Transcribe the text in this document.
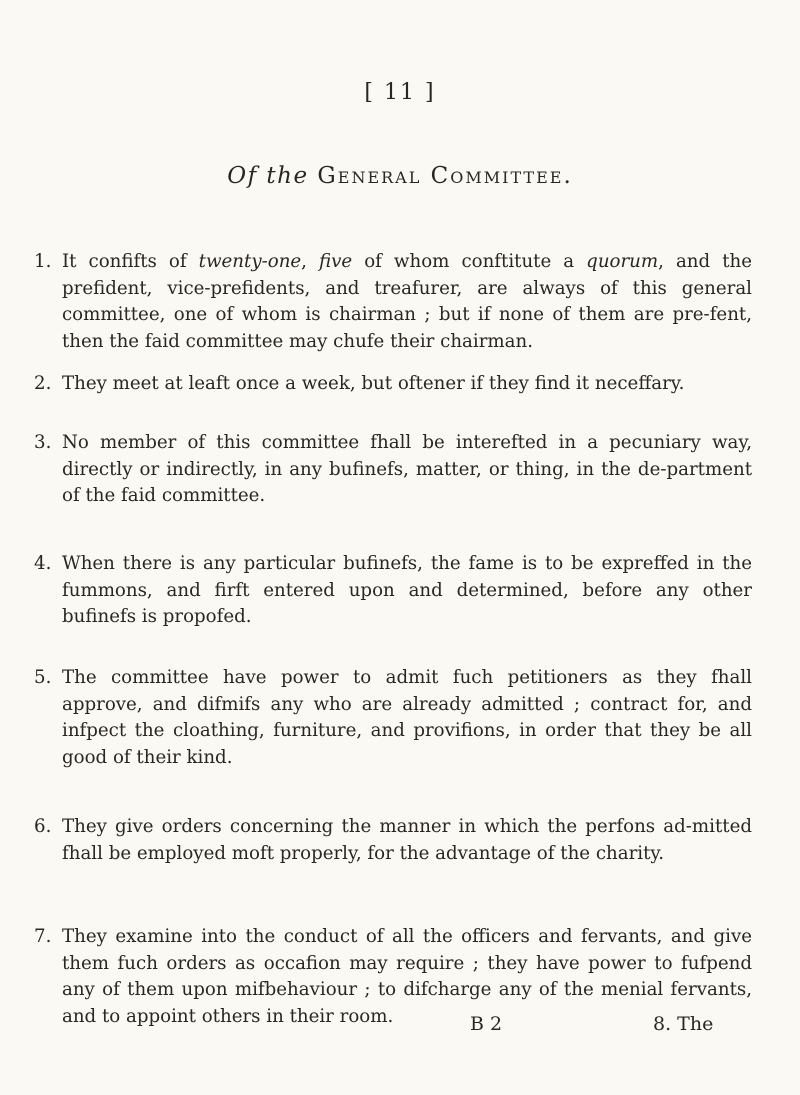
[ 11 ]
Of the General Committee.
1. It confifts of twenty-one, five of whom conftitute a quorum, and the prefident, vice-prefidents, and treafurer, are always of this general committee, one of whom is chairman ; but if none of them are pre-fent, then the faid committee may chufe their chairman.
2. They meet at leaft once a week, but oftener if they find it neceffary.
3. No member of this committee fhall be interefted in a pecuniary way, directly or indirectly, in any bufinefs, matter, or thing, in the de-partment of the faid committee.
4. When there is any particular bufinefs, the fame is to be expreffed in the fummons, and firft entered upon and determined, before any other bufinefs is propofed.
5. The committee have power to admit fuch petitioners as they fhall approve, and difmifs any who are already admitted ; contract for, and infpect the cloathing, furniture, and provifions, in order that they be all good of their kind.
6. They give orders concerning the manner in which the perfons ad-mitted fhall be employed moft properly, for the advantage of the charity.
7. They examine into the conduct of all the officers and fervants, and give them fuch orders as occafion may require ; they have power to fufpend any of them upon mifbehaviour ; to difcharge any of the menial fervants, and to appoint others in their room.	B 2	8. The
